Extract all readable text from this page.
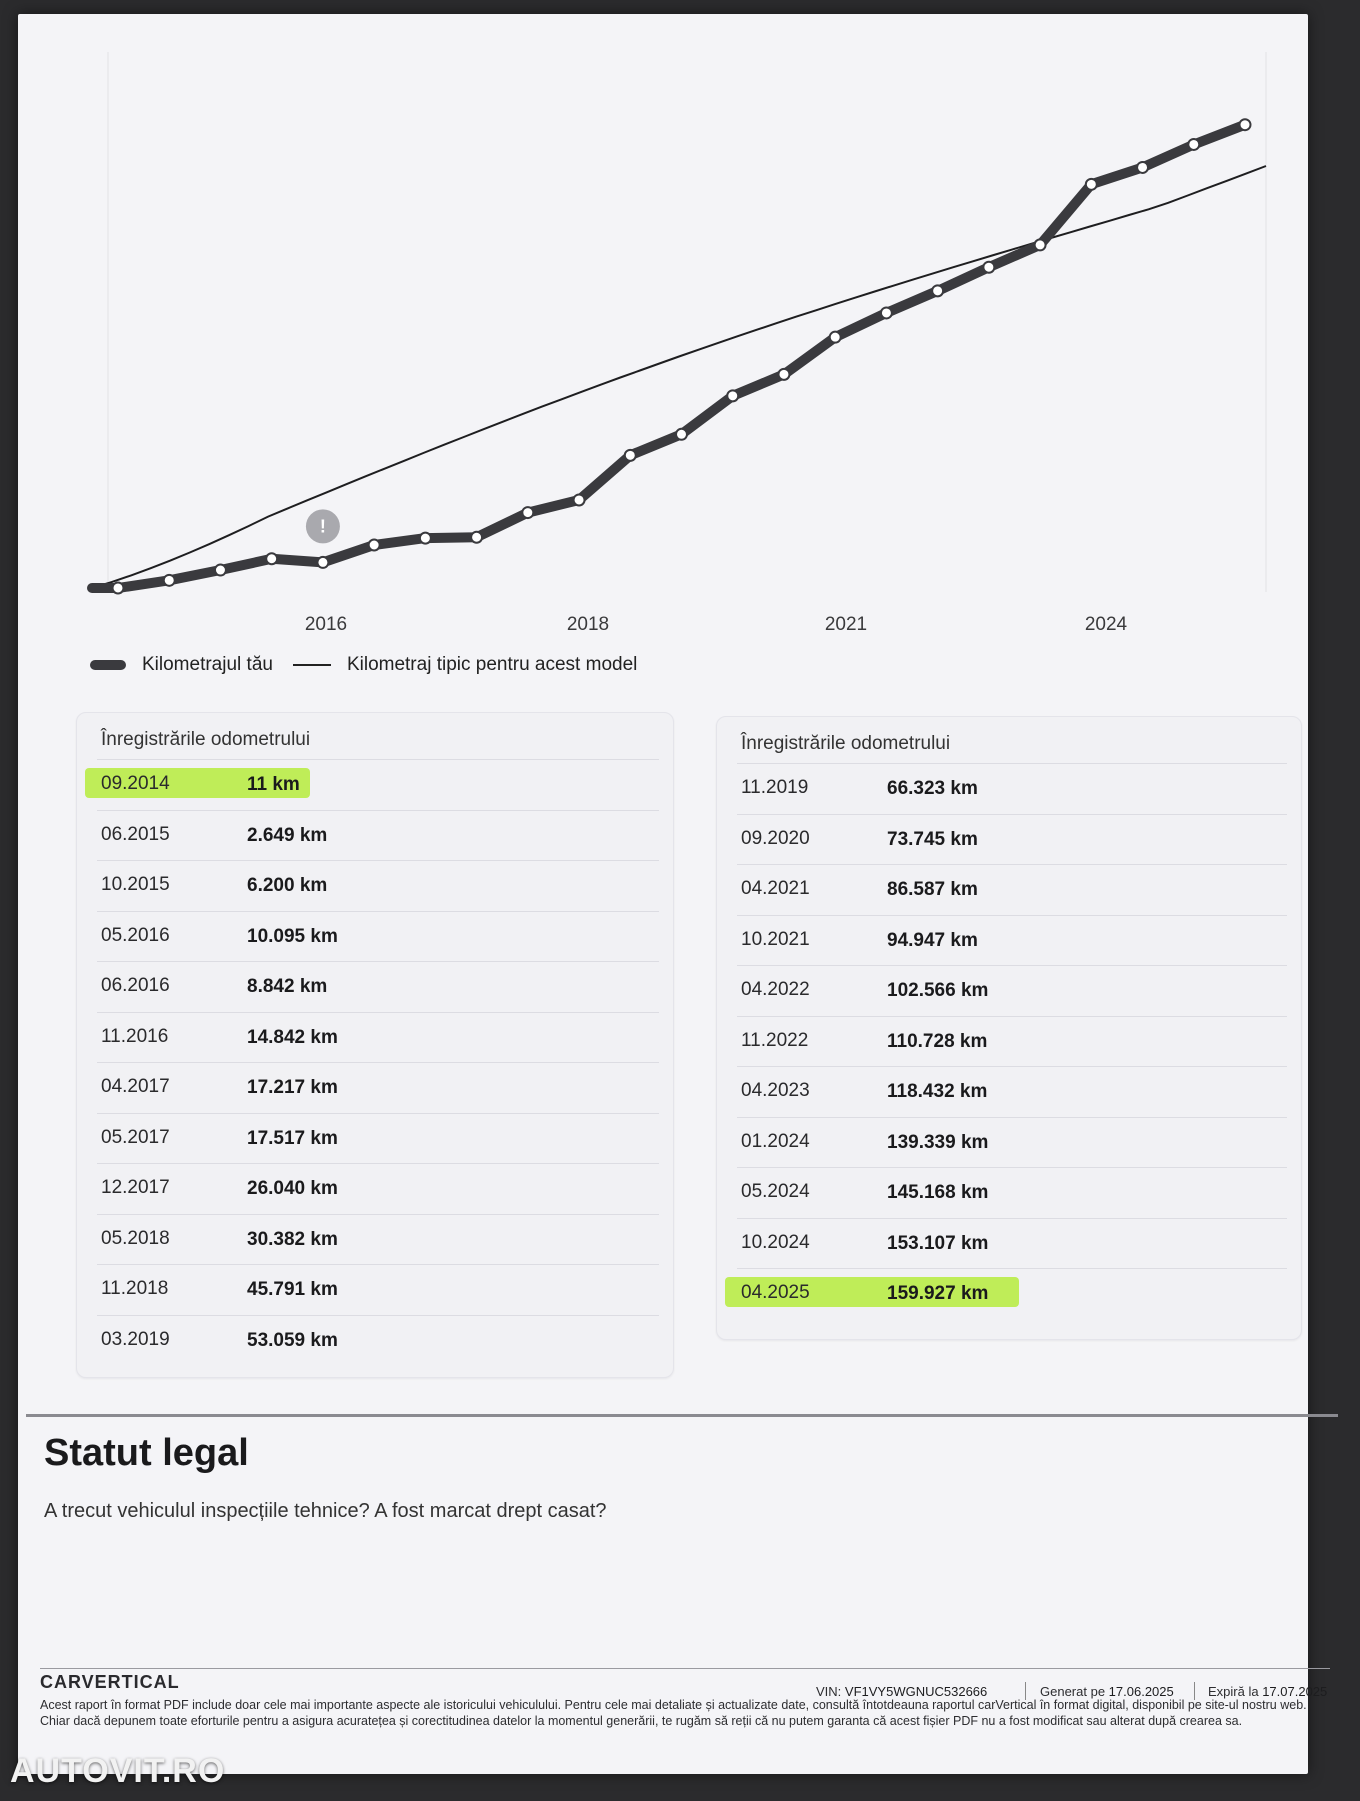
!
2016	2018	2021	2024
Kilometrajul tău	Kilometraj tipic pentru acest model
Înregistrările odometrului
09.2014	11 km
06.2015	2.649 km
10.2015	6.200 km
05.2016	10.095 km
06.2016	8.842 km
11.2016	14.842 km
04.2017	17.217 km
05.2017	17.517 km
12.2017	26.040 km
05.2018	30.382 km
11.2018	45.791 km
03.2019	53.059 km
Înregistrările odometrului
11.2019	66.323 km
09.2020	73.745 km
04.2021	86.587 km
10.2021	94.947 km
04.2022	102.566 km
11.2022	110.728 km
04.2023	118.432 km
01.2024	139.339 km
05.2024	145.168 km
10.2024	153.107 km
04.2025	159.927 km
Statut legal
A trecut vehiculul inspecțiile tehnice? A fost marcat drept casat?
CARVERTICAL	VIN: VF1VY5WGNUC532666	Generat pe 17.06.2025	Expiră la 17.07.2025
Acest raport în format PDF include doar cele mai importante aspecte ale istoricului vehiculului. Pentru cele mai detaliate și actualizate date, consultă întotdeauna raportul carVertical în format digital, disponibil pe site-ul nostru web. Chiar dacă depunem toate eforturile pentru a asigura acuratețea și corectitudinea datelor la momentul generării, te rugăm să reții că nu putem garanta că acest fișier PDF nu a fost modificat sau alterat după crearea sa.
AUTOVIT.RO
